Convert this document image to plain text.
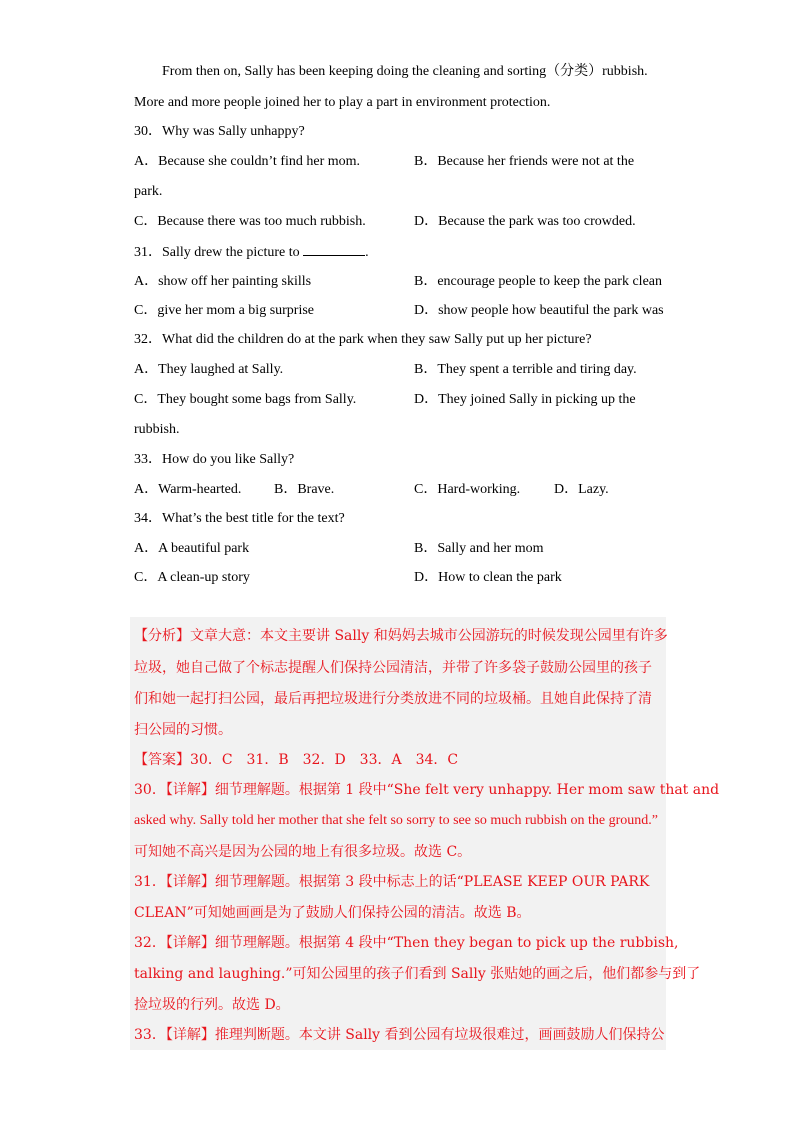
From then on, Sally has been keeping doing the cleaning and sorting（分类）rubbish.
More and more people joined her to play a part in environment protection.
30．Why was Sally unhappy?
A．Because she couldn’t find her mom.	B．Because her friends were not at the
park.
C．Because there was too much rubbish.	D．Because the park was too crowded.
31．Sally drew the picture to	.
A．show off her painting skills	B．encourage people to keep the park clean
C．give her mom a big surprise	D．show people how beautiful the park was
32．What did the children do at the park when they saw Sally put up her picture?
A．They laughed at Sally.	B．They spent a terrible and tiring day.
C．They bought some bags from Sally.	D．They joined Sally in picking up the
rubbish.
33．How do you like Sally?
A．Warm-hearted. B．Brave.	C．Hard-working. D．Lazy.
34．What’s the best title for the text?
A．A beautiful park	B．Sally and her mom
C．A clean-up story	D．How to clean the park
【分析】文章大意：本文主要讲 Sally 和妈妈去城市公园游玩的时候发现公园里有许多
垃圾，她自己做了个标志提醒人们保持公园清洁，并带了许多袋子鼓励公园里的孩子
们和她一起打扫公园，最后再把垃圾进行分类放进不同的垃圾桶。且她自此保持了清
扫公园的习惯。
【答案】30．C　31．B　32．D　33．A　34．C
30．【详解】细节理解题。根据第 1 段中“She felt very unhappy. Her mom saw that and
asked why. Sally told her mother that she felt so sorry to see so much rubbish on the ground.”
可知她不高兴是因为公园的地上有很多垃圾。故选 C。
31．【详解】细节理解题。根据第 3 段中标志上的话“PLEASE KEEP OUR PARK
CLEAN”可知她画画是为了鼓励人们保持公园的清洁。故选 B。
32．【详解】细节理解题。根据第 4 段中“Then they began to pick up the rubbish,
talking and laughing.”可知公园里的孩子们看到 Sally 张贴她的画之后，他们都参与到了
捡垃圾的行列。故选 D。
33．【详解】推理判断题。本文讲 Sally 看到公园有垃圾很难过，画画鼓励人们保持公
